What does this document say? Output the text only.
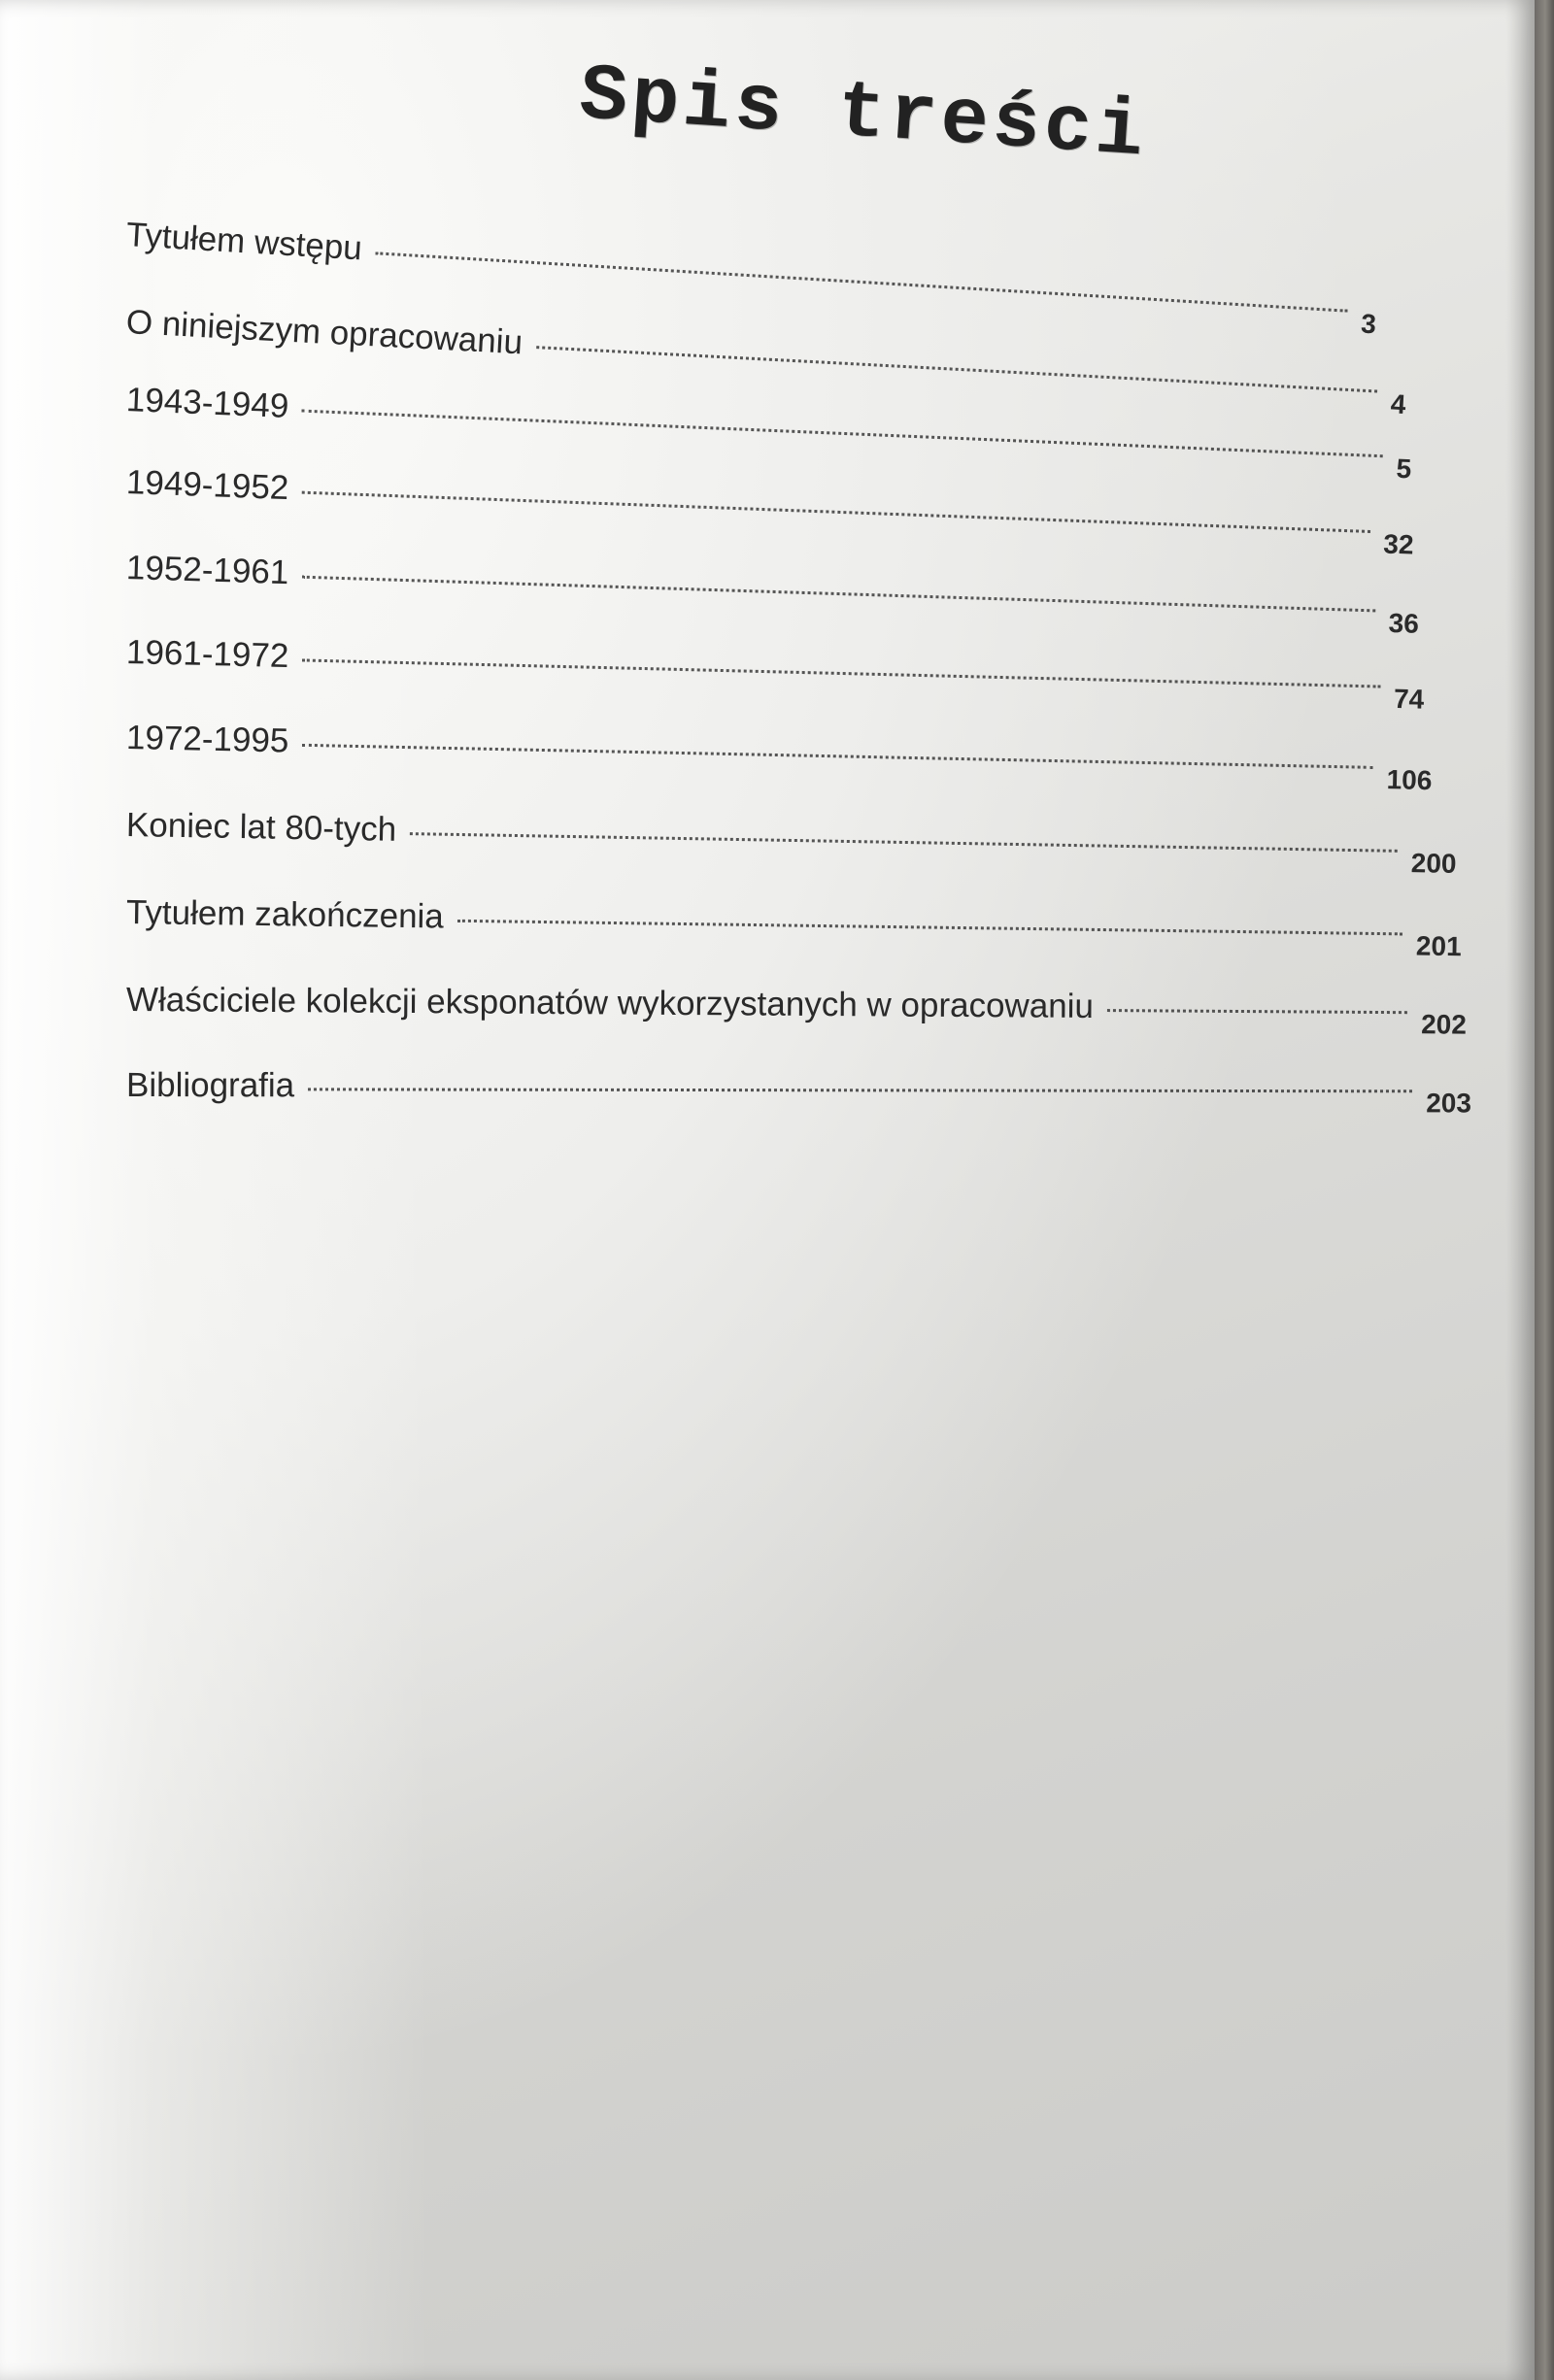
Spis treści
Tytułem wstępu
3
O niniejszym opracowaniu
4
1943-1949
5
1949-1952
32
1952-1961
36
1961-1972
74
1972-1995
106
Koniec lat 80-tych
200
Tytułem zakończenia
201
Właściciele kolekcji eksponatów wykorzystanych w opracowaniu	202
Bibliografia	203
